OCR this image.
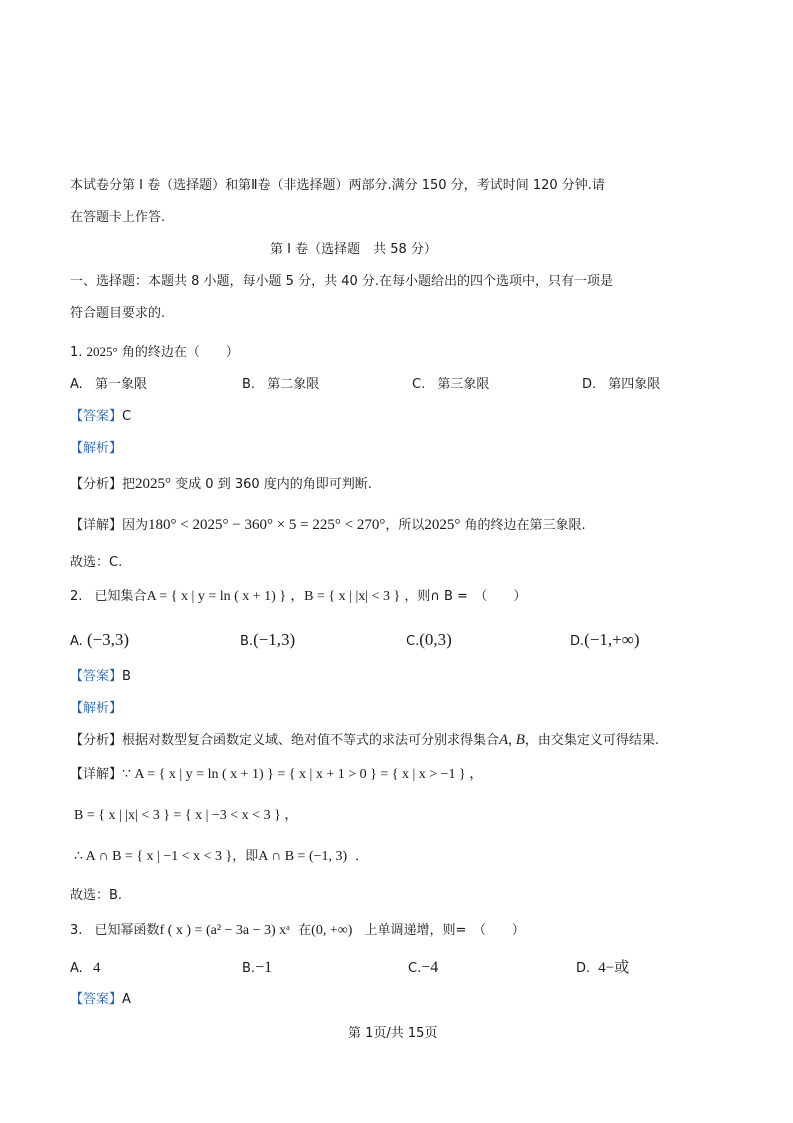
本试卷分第 Ⅰ 卷（选择题）和第Ⅱ卷（非选择题）两部分.满分 150 分，考试时间 120 分钟.请
在答题卡上作答.
第 Ⅰ 卷（选择题　共 58 分）
一、选择题：本题共 8 小题，每小题 5 分，共 40 分.在每小题给出的四个选项中，只有一项是
符合题目要求的.
1. 2025° 角的终边在（　　）
A. 第一象限	B. 第二象限	C. 第三象限	D. 第四象限
【答案】C
【解析】
【分析】把2025° 变成 0 到 360 度内的角即可判断.
【详解】因为180° < 2025° − 360° × 5 = 225° < 270°，所以2025° 角的终边在第三象限.
故选：C.
2. 已知集合A = { x | y = ln ( x + 1) } ，B = { x | |x| < 3 } ，则∩ B =　（　　）
A. (−3,3)	B.(−1,3)	C.(0,3)	D.(−1,+∞)
【答案】B
【解析】
【分析】根据对数型复合函数定义域、绝对值不等式的求法可分别求得集合A, B，由交集定义可得结果.
【详解】∵ A = { x | y = ln ( x + 1) } = { x | x + 1 > 0 } = { x | x > −1 } ，
B = { x | |x| < 3 } = { x | −3 < x < 3 } ，
∴ A ∩ B = { x | −1 < x < 3 }，即A ∩ B = (−1, 3) ．
故选：B.
3. 已知幂函数f ( x ) = (a² − 3a − 3) xᵃ 在(0, +∞) 上单调递增，则=　（　　）
A. 4	B.−1	C.−4	D. 4−或
【答案】A
第 1页/共 15页
